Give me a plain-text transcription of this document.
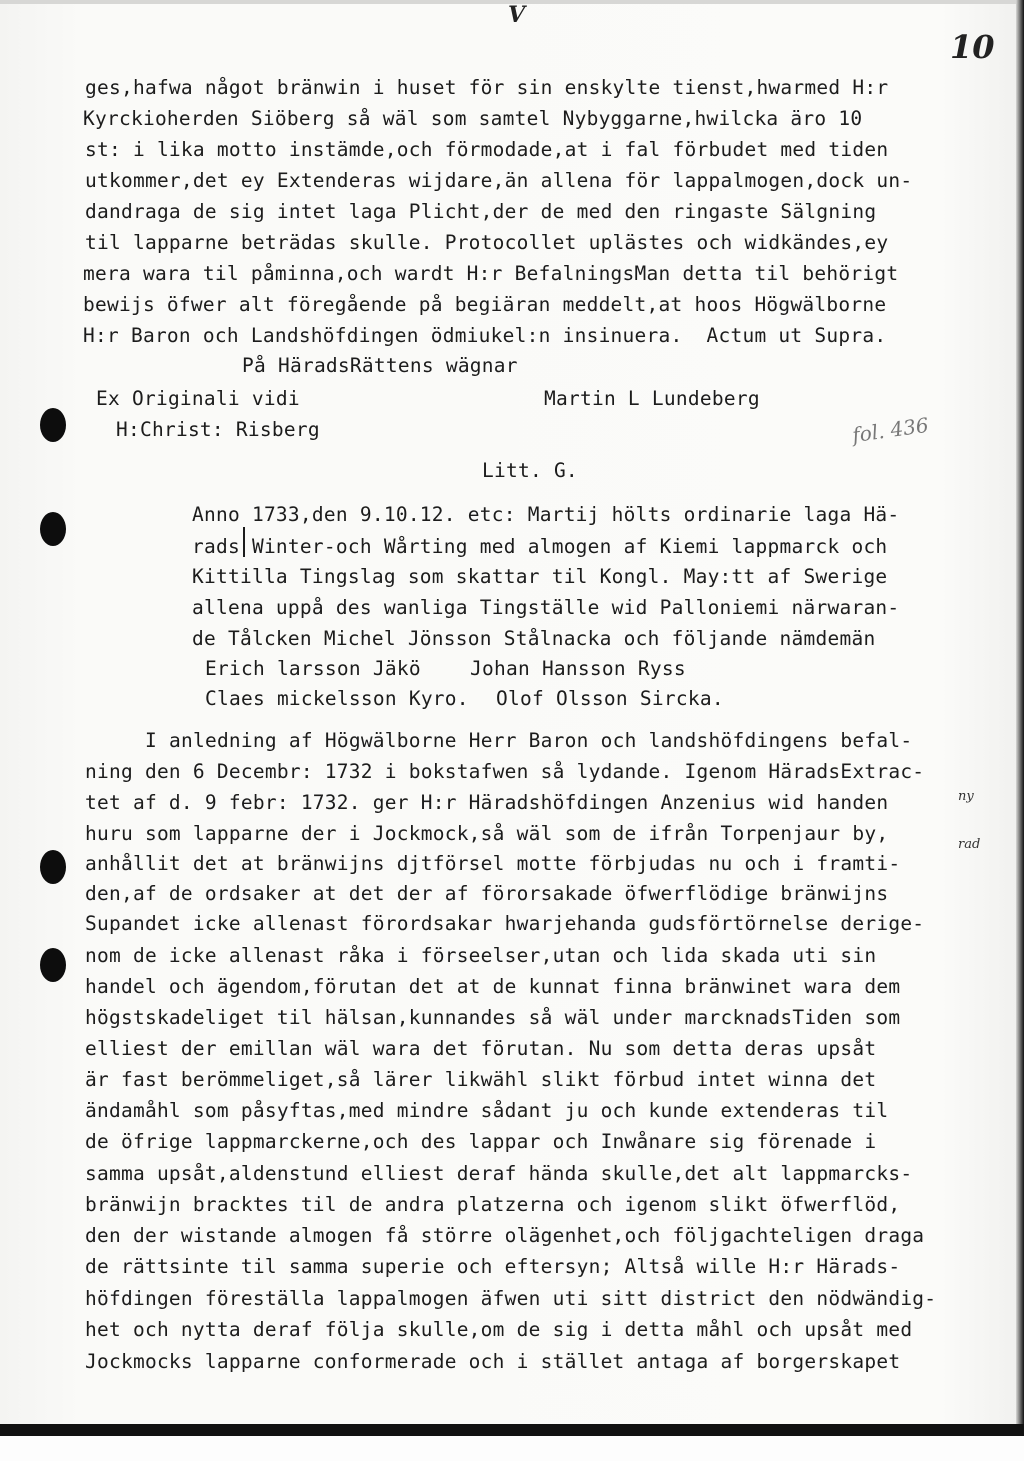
V
10
fol. 436

ny

rad

ges,hafwa något bränwin i huset för sin enskylte tienst,hwarmed H:r
Kyrckioherden Siöberg så wäl som samtel Nybyggarne,hwilcka äro 10
st: i lika motto instämde,och förmodade,at i fal förbudet med tiden
utkommer,det ey Extenderas wijdare,än allena för lappalmogen,dock un-
dandraga de sig intet laga Plicht,der de med den ringaste Sälgning
til lapparne beträdas skulle. Protocollet uplästes och widkändes,ey
mera wara til påminna,och wardt H:r BefalningsMan detta til behörigt
bewijs öfwer alt föregående på begiäran meddelt,at hoos Högwälborne
H:r Baron och Landshöfdingen ödmiukel:n insinuera.  Actum ut Supra.
På HäradsRättens wägnar
Ex Originali vidi	Martin L Lundeberg
H:Christ: Risberg
Litt. G.
Anno 1733,den 9.10.12. etc: Martij hölts ordinarie laga Hä-
rads Winter-och Wårting med almogen af Kiemi lappmarck och
Kittilla Tingslag som skattar til Kongl. May:tt af Swerige
allena uppå des wanliga Tingställe wid Palloniemi närwaran-
de Tålcken Michel Jönsson Stålnacka och följande nämdemän
Erich larsson Jäkö	Johan Hansson Ryss
Claes mickelsson Kyro. Olof Olsson Sircka.
I anledning af Högwälborne Herr Baron och landshöfdingens befal-
ning den 6 Decembr: 1732 i bokstafwen så lydande. Igenom HäradsExtrac-
tet af d. 9 febr: 1732. ger H:r Häradshöfdingen Anzenius wid handen
huru som lapparne der i Jockmock,så wäl som de ifrån Torpenjaur by,
anhållit det at bränwijns djtförsel motte förbjudas nu och i framti-
den,af de ordsaker at det der af förorsakade öfwerflödige bränwijns
Supandet icke allenast förordsakar hwarjehanda gudsförtörnelse derige-
nom de icke allenast råka i förseelser,utan och lida skada uti sin
handel och ägendom,förutan det at de kunnat finna bränwinet wara dem
högstskadeliget til hälsan,kunnandes så wäl under marcknadsTiden som
elliest der emillan wäl wara det förutan. Nu som detta deras upsåt
är fast berömmeliget,så lärer likwähl slikt förbud intet winna det
ändamåhl som påsyftas,med mindre sådant ju och kunde extenderas til
de öfrige lappmarckerne,och des lappar och Inwånare sig förenade i
samma upsåt,aldenstund elliest deraf hända skulle,det alt lappmarcks-
bränwijn bracktes til de andra platzerna och igenom slikt öfwerflöd,
den der wistande almogen få större olägenhet,och följgachteligen draga
de rättsinte til samma superie och eftersyn; Altså wille H:r Härads-
höfdingen föreställa lappalmogen äfwen uti sitt district den nödwändig-
het och nytta deraf följa skulle,om de sig i detta måhl och upsåt med
Jockmocks lapparne conformerade och i stället antaga af borgerskapet
